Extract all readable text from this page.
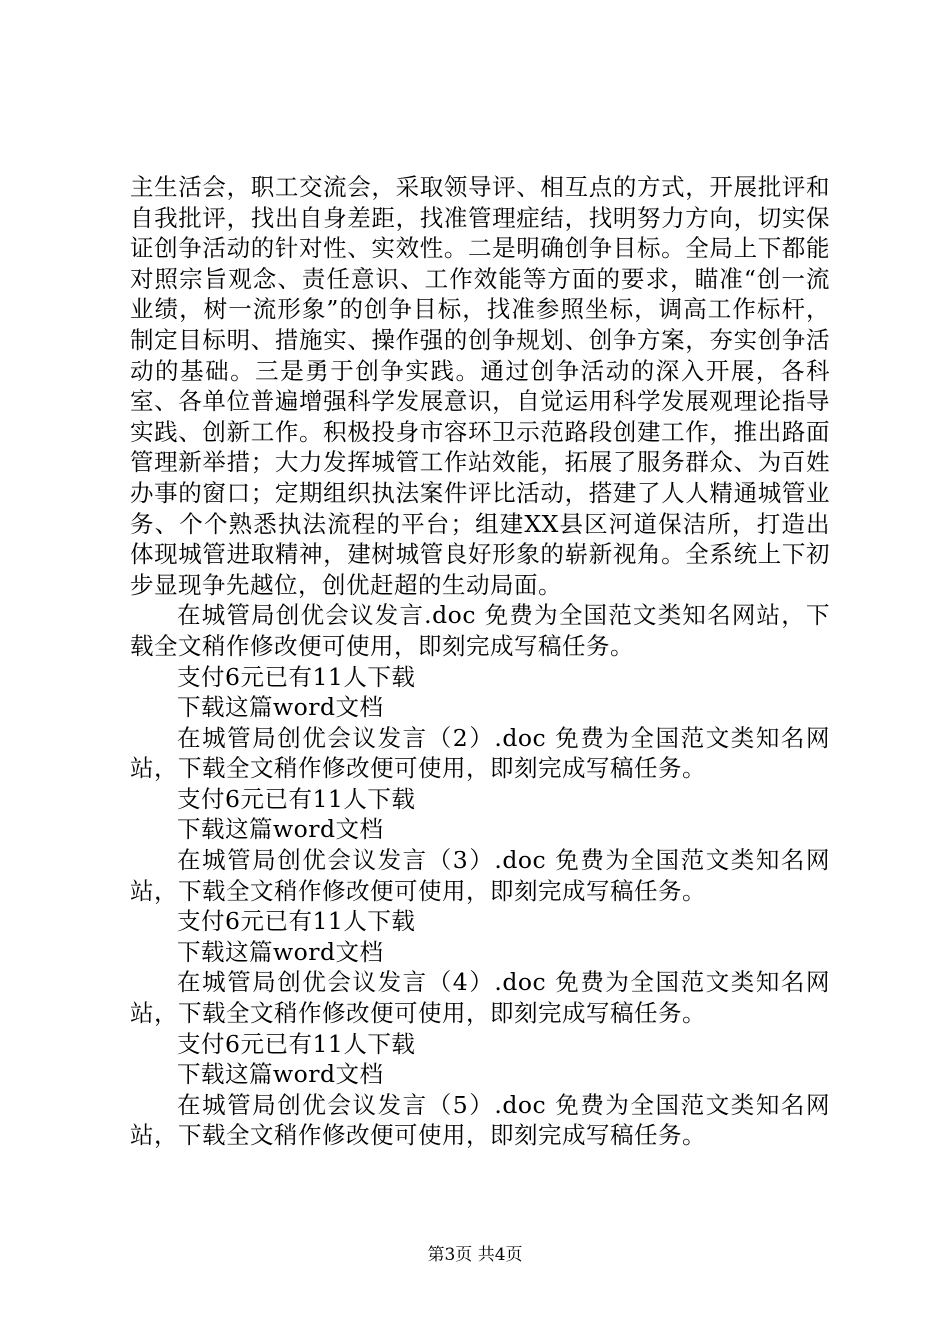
主生活会，职工交流会，采取领导评、相互点的方式，开展批评和自我批评，找出自身差距，找准管理症结，找明努力方向，切实保证创争活动的针对性、实效性。二是明确创争目标。全局上下都能对照宗旨观念、责任意识、工作效能等方面的要求，瞄准“创一流业绩，树一流形象”的创争目标，找准参照坐标，调高工作标杆，制定目标明、措施实、操作强的创争规划、创争方案，夯实创争活动的基础。三是勇于创争实践。通过创争活动的深入开展，各科室、各单位普遍增强科学发展意识，自觉运用科学发展观理论指导实践、创新工作。积极投身市容环卫示范路段创建工作，推出路面管理新举措；大力发挥城管工作站效能，拓展了服务群众、为百姓办事的窗口；定期组织执法案件评比活动，搭建了人人精通城管业务、个个熟悉执法流程的平台；组建XX县区河道保洁所，打造出体现城管进取精神，建树城管良好形象的崭新视角。全系统上下初步显现争先越位，创优赶超的生动局面。

在城管局创优会议发言.doc 免费为全国范文类知名网站，下载全文稍作修改便可使用，即刻完成写稿任务。

支付6元已有11人下载

下载这篇word文档

在城管局创优会议发言（2）.doc 免费为全国范文类知名网站，下载全文稍作修改便可使用，即刻完成写稿任务。

支付6元已有11人下载

下载这篇word文档

在城管局创优会议发言（3）.doc 免费为全国范文类知名网站，下载全文稍作修改便可使用，即刻完成写稿任务。

支付6元已有11人下载

下载这篇word文档

在城管局创优会议发言（4）.doc 免费为全国范文类知名网站，下载全文稍作修改便可使用，即刻完成写稿任务。

支付6元已有11人下载

下载这篇word文档

在城管局创优会议发言（5）.doc 免费为全国范文类知名网站，下载全文稍作修改便可使用，即刻完成写稿任务。

第3页 共4页
